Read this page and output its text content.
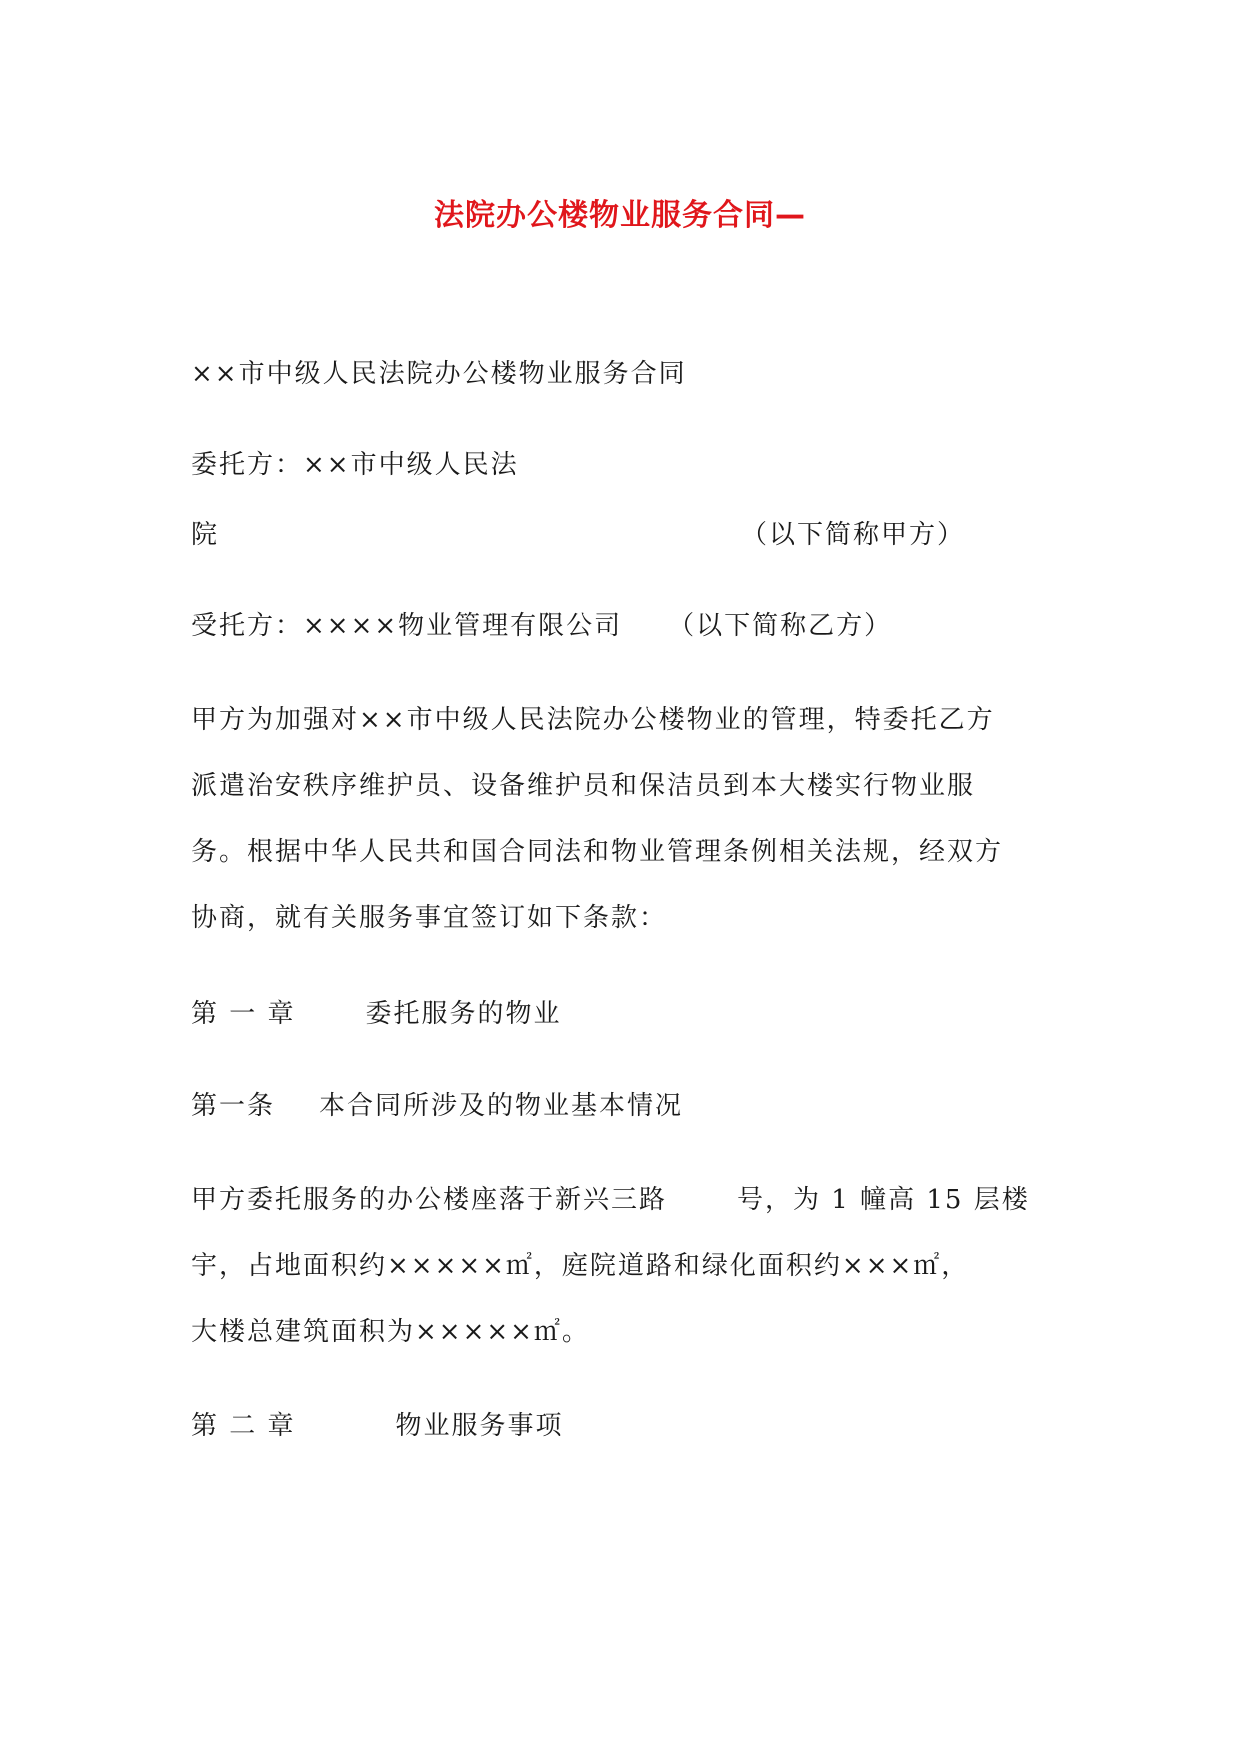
法院办公楼物业服务合同—
××市中级人民法院办公楼物业服务合同
委托方：××市中级人民法
院	（以下简称甲方）
受托方：××××物业管理有限公司 （以下简称乙方）
甲方为加强对××市中级人民法院办公楼物业的管理，特委托乙方
派遣治安秩序维护员、设备维护员和保洁员到本大楼实行物业服
务。根据中华人民共和国合同法和物业管理条例相关法规，经双方
协商，就有关服务事宜签订如下条款：
第 一 章	委托服务的物业
第一条 本合同所涉及的物业基本情况
甲方委托服务的办公楼座落于新兴三路	号，为 1 幢高 15 层楼
宇，占地面积约×××××㎡，庭院道路和绿化面积约×××㎡，
大楼总建筑面积为×××××㎡。
第 二 章	物业服务事项
